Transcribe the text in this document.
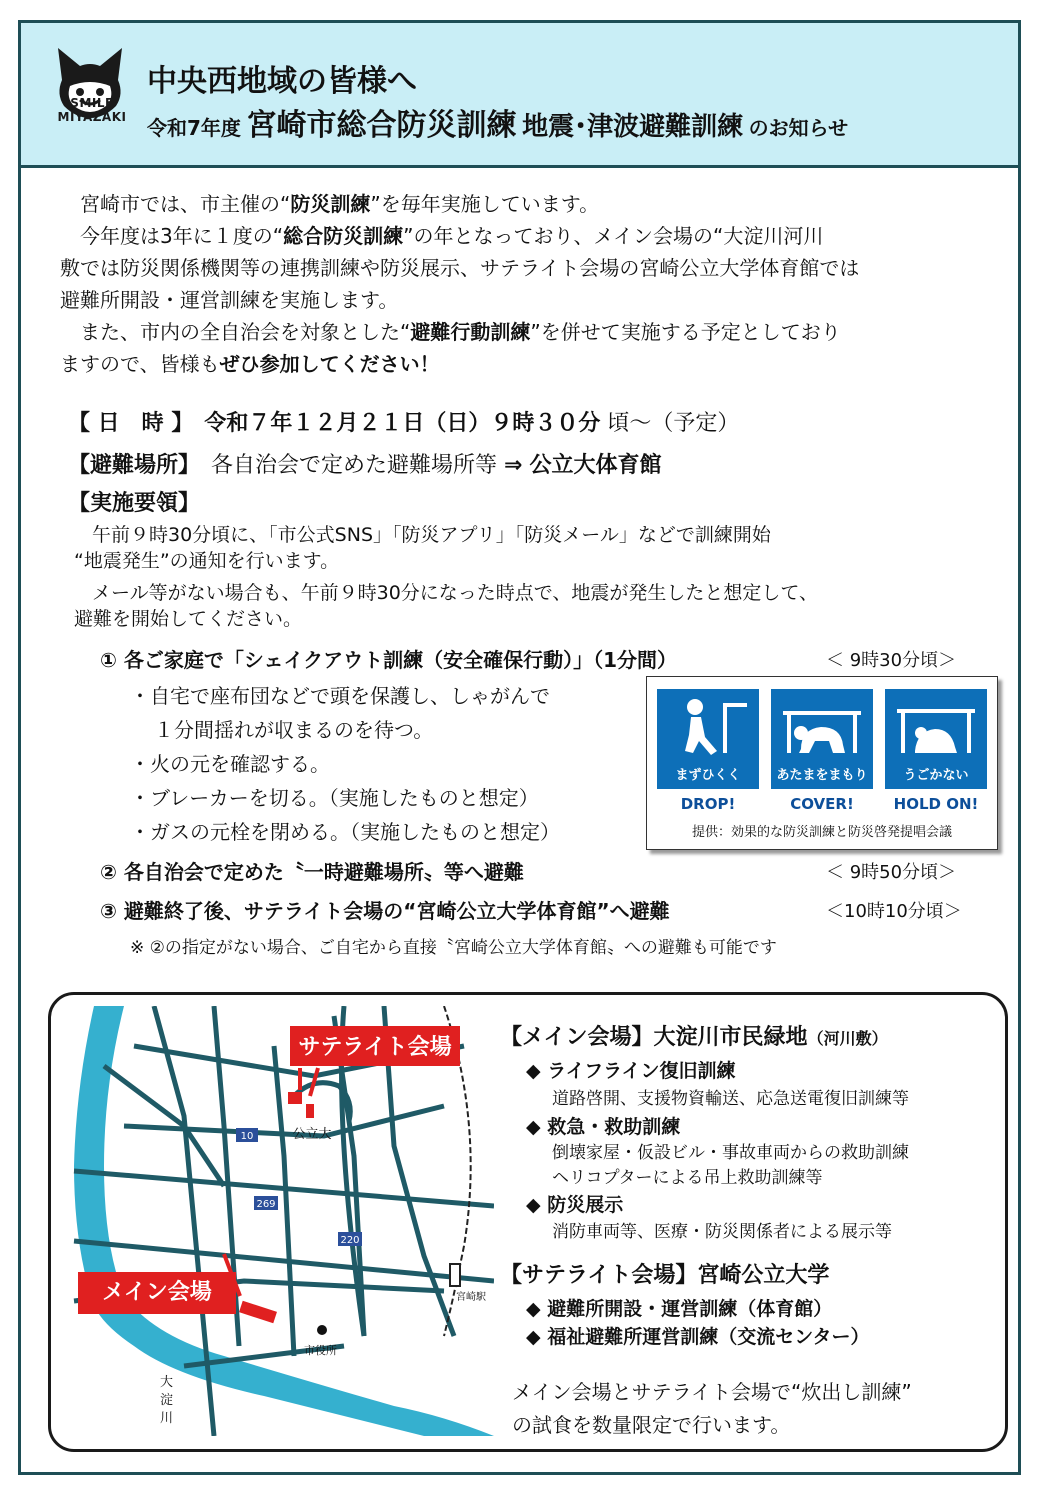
SMILE
MIYAZAKI
中央西地域の皆様へ
令和7年度 宮崎市総合防災訓練 地震･津波避難訓練 のお知らせ
 宮崎市では、市主催の“防災訓練”を毎年実施しています。
 今年度は3年に１度の“総合防災訓練”の年となっており、メイン会場の“大淀川河川
敷では防災関係機関等の連携訓練や防災展示、サテライト会場の宮崎公立大学体育館では
避難所開設・運営訓練を実施します。
 また、市内の全自治会を対象とした“避難行動訓練”を併せて実施する予定としており
ますので、皆様もぜひ参加してください！
【 日　時 】  令和７年１２月２１日（日）９時３０分 頃～（予定）
【避難場所】  各自治会で定めた避難場所等 ⇒ 公立大体育館
【実施要領】
午前９時30分頃に、「市公式SNS」「防災アプリ」「防災メール」などで訓練開始
“地震発生”の通知を行います。
メール等がない場合も、午前９時30分になった時点で、地震が発生したと想定して、
避難を開始してください。
① 各ご家庭で「シェイクアウト訓練（安全確保行動）」（1分間）	＜ 9時30分頃＞
・自宅で座布団などで頭を保護し、しゃがんで
１分間揺れが収まるのを待つ。
・火の元を確認する。
・ブレーカーを切る。（実施したものと想定）
・ガスの元栓を閉める。（実施したものと想定）
② 各自治会で定めた〝一時避難場所〟等へ避難	＜ 9時50分頃＞
③ 避難終了後、サテライト会場の“宮崎公立大学体育館”へ避難	＜10時10分頃＞
※ ②の指定がない場合、ご自宅から直接〝宮崎公立大学体育館〟への避難も可能です
まずひくく	あたまをまもり	うごかない
DROP!	COVER!	HOLD ON!
提供：効果的な防災訓練と防災啓発提唱会議
サテライト会場
公立大
大
淀
川
10
269
220
宮崎駅
市役所
メイン会場
【メイン会場】大淀川市民緑地（河川敷）
◆ ライフライン復旧訓練
道路啓開、支援物資輸送、応急送電復旧訓練等
◆ 救急・救助訓練
倒壊家屋・仮設ビル・事故車両からの救助訓練
ヘリコプターによる吊上救助訓練等
◆ 防災展示
消防車両等、医療・防災関係者による展示等
【サテライト会場】宮崎公立大学
◆ 避難所開設・運営訓練（体育館）
◆ 福祉避難所運営訓練（交流センター）
メイン会場とサテライト会場で“炊出し訓練”
の試食を数量限定で行います。
